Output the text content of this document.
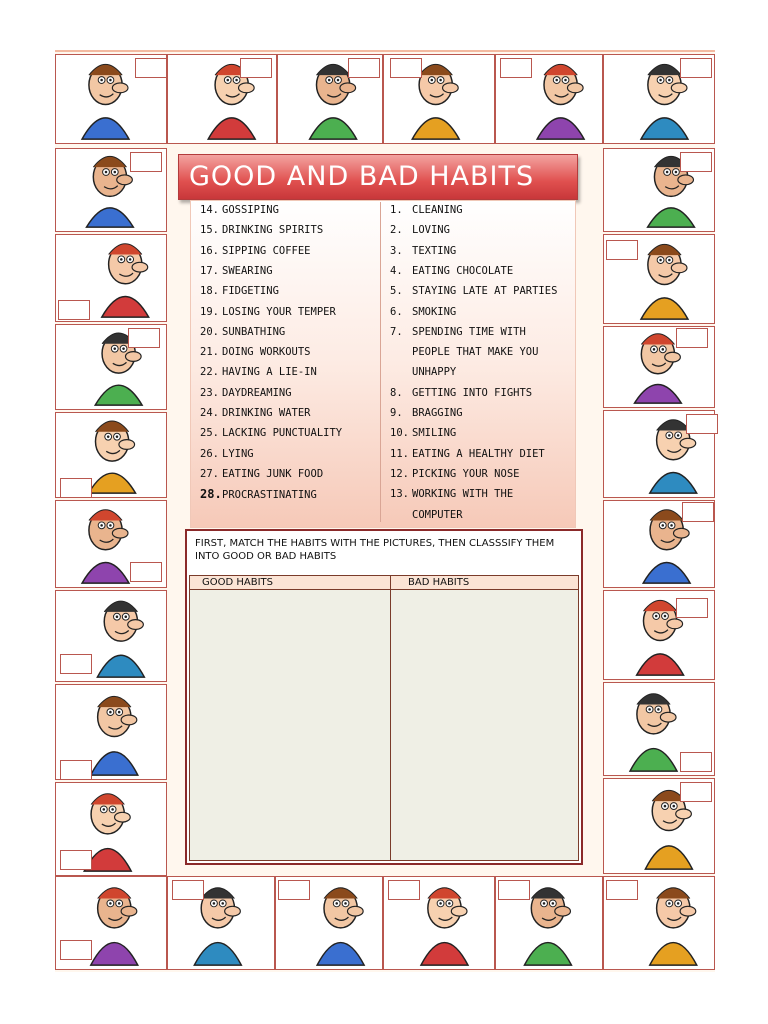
GOOD AND BAD HABITS
14. GOSSIPING
15. DRINKING SPIRITS
16. SIPPING COFFEE
17. SWEARING
18. FIDGETING
19. LOSING YOUR TEMPER
20. SUNBATHING
21. DOING WORKOUTS
22. HAVING A LIE-IN
23. DAYDREAMING
24. DRINKING WATER
25. LACKING PUNCTUALITY
26. LYING
27. EATING JUNK FOOD
28.PROCRASTINATING
1. CLEANING
2. LOVING
3. TEXTING
4. EATING CHOCOLATE
5. STAYING LATE AT PARTIES
6. SMOKING
7. SPENDING TIME WITH
PEOPLE THAT MAKE YOU
UNHAPPY
8. GETTING INTO FIGHTS
9. BRAGGING
10. SMILING
11. EATING A HEALTHY DIET
12. PICKING YOUR NOSE
13. WORKING WITH THE
COMPUTER
FIRST, MATCH THE HABITS WITH THE PICTURES, THEN CLASSSIFY THEM INTO GOOD OR BAD HABITS
GOOD HABITS	BAD HABITS
